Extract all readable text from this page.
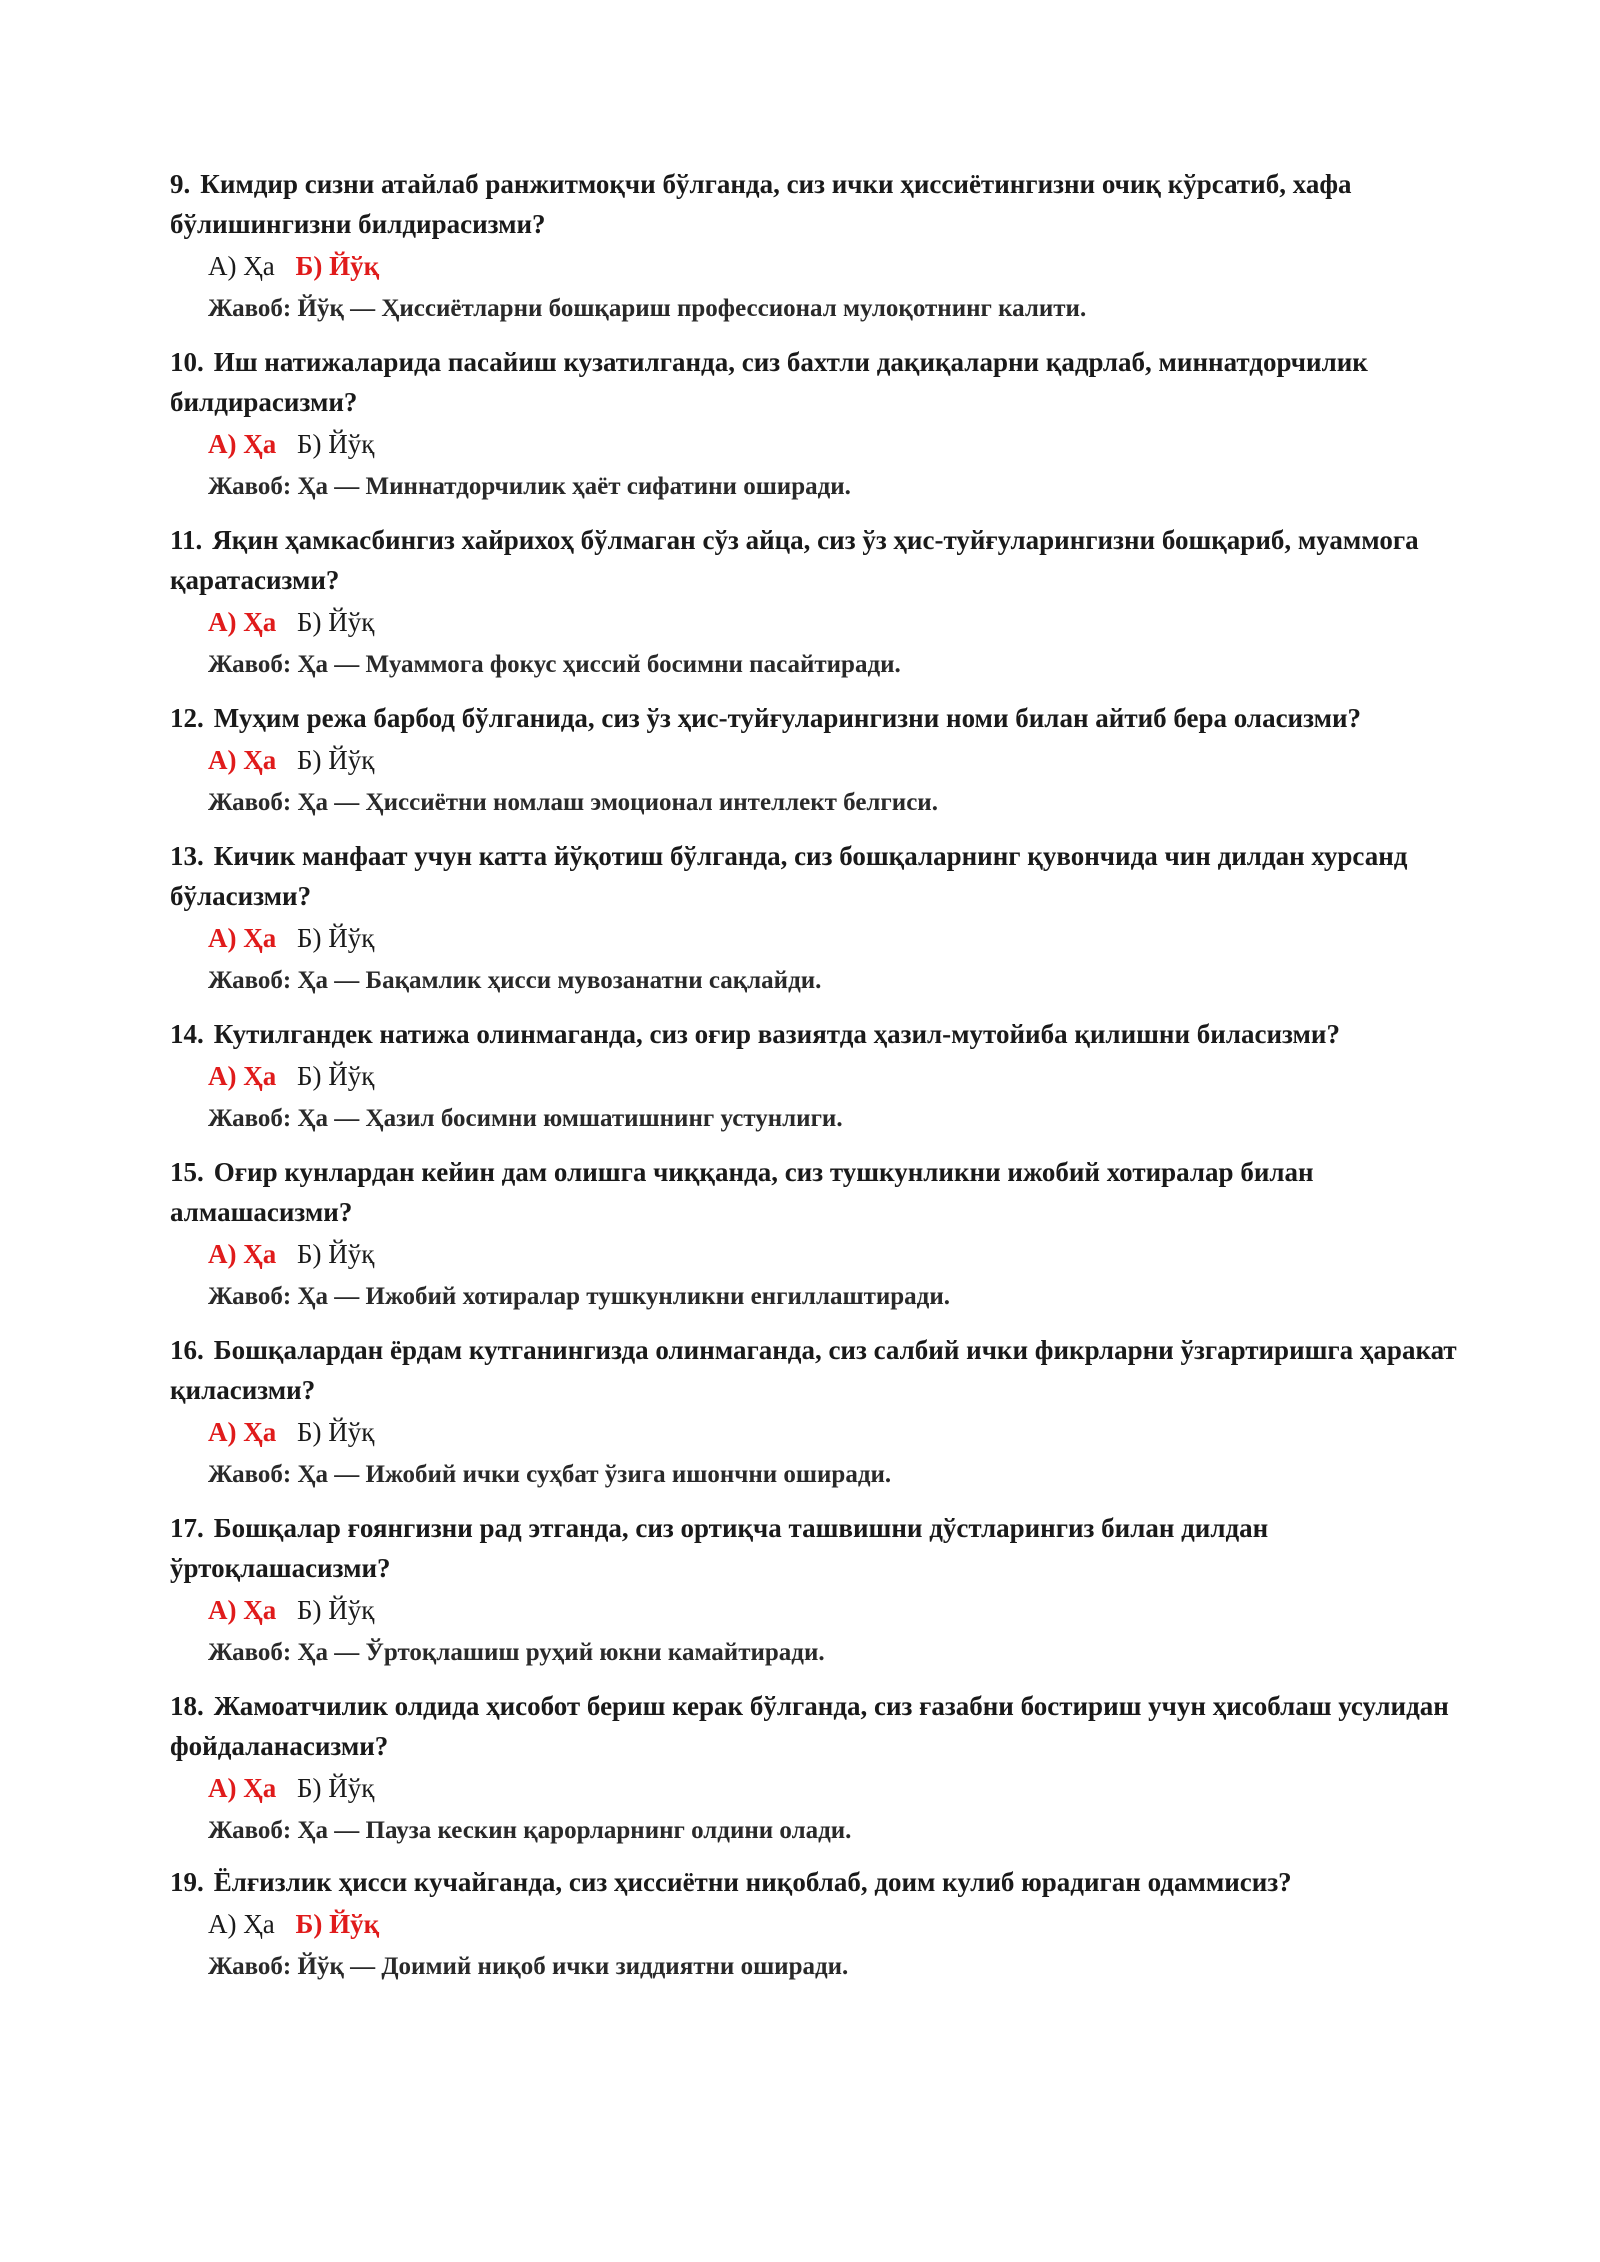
9. Кимдир сизни атайлаб ранжитмоқчи бўлганда, сиз ички ҳиссиётингизни очиқ кўрсатиб, хафа бўлишингизни билдирасизми?

А) Ҳа Б) Йўқ
Жавоб: Йўқ — Ҳиссиётларни бошқариш профессионал мулоқотнинг калити.

10. Иш натижаларида пасайиш кузатилганда, сиз бахтли дақиқаларни қадрлаб, миннатдорчилик билдирасизми?

А) Ҳа Б) Йўқ
Жавоб: Ҳа — Миннатдорчилик ҳаёт сифатини оширади.

11. Яқин ҳамкасбингиз хайрихоҳ бўлмаган сўз айца, сиз ўз ҳис-туйғуларингизни бошқариб, муаммога қаратасизми?

А) Ҳа Б) Йўқ
Жавоб: Ҳа — Муаммога фокус ҳиссий босимни пасайтиради.

12. Муҳим режа барбод бўлганида, сиз ўз ҳис-туйғуларингизни номи билан айтиб бера оласизми?

А) Ҳа Б) Йўқ
Жавоб: Ҳа — Ҳиссиётни номлаш эмоционал интеллект белгиси.

13. Кичик манфаат учун катта йўқотиш бўлганда, сиз бошқаларнинг қувончида чин дилдан хурсанд бўласизми?

А) Ҳа Б) Йўқ
Жавоб: Ҳа — Бақамлик ҳисси мувозанатни сақлайди.

14. Кутилгандек натижа олинмаганда, сиз оғир вазиятда ҳазил-мутойиба қилишни биласизми?

А) Ҳа Б) Йўқ
Жавоб: Ҳа — Ҳазил босимни юмшатишнинг устунлиги.

15. Оғир кунлардан кейин дам олишга чиққанда, сиз тушкунликни ижобий хотиралар билан алмашасизми?

А) Ҳа Б) Йўқ
Жавоб: Ҳа — Ижобий хотиралар тушкунликни енгиллаштиради.

16. Бошқалардан ёрдам кутганингизда олинмаганда, сиз салбий ички фикрларни ўзгартиришга ҳаракат қиласизми?

А) Ҳа Б) Йўқ
Жавоб: Ҳа — Ижобий ички суҳбат ўзига ишончни оширади.

17. Бошқалар ғоянгизни рад этганда, сиз ортиқча ташвишни дўстларингиз билан дилдан ўртоқлашасизми?

А) Ҳа Б) Йўқ
Жавоб: Ҳа — Ўртоқлашиш руҳий юкни камайтиради.

18. Жамоатчилик олдида ҳисобот бериш керак бўлганда, сиз ғазабни бостириш учун ҳисоблаш усулидан фойдаланасизми?

А) Ҳа Б) Йўқ
Жавоб: Ҳа — Пауза кескин қарорларнинг олдини олади.

19. Ёлғизлик ҳисси кучайганда, сиз ҳиссиётни ниқоблаб, доим кулиб юрадиган одаммисиз?

А) Ҳа Б) Йўқ
Жавоб: Йўқ — Доимий ниқоб ички зиддиятни оширади.
